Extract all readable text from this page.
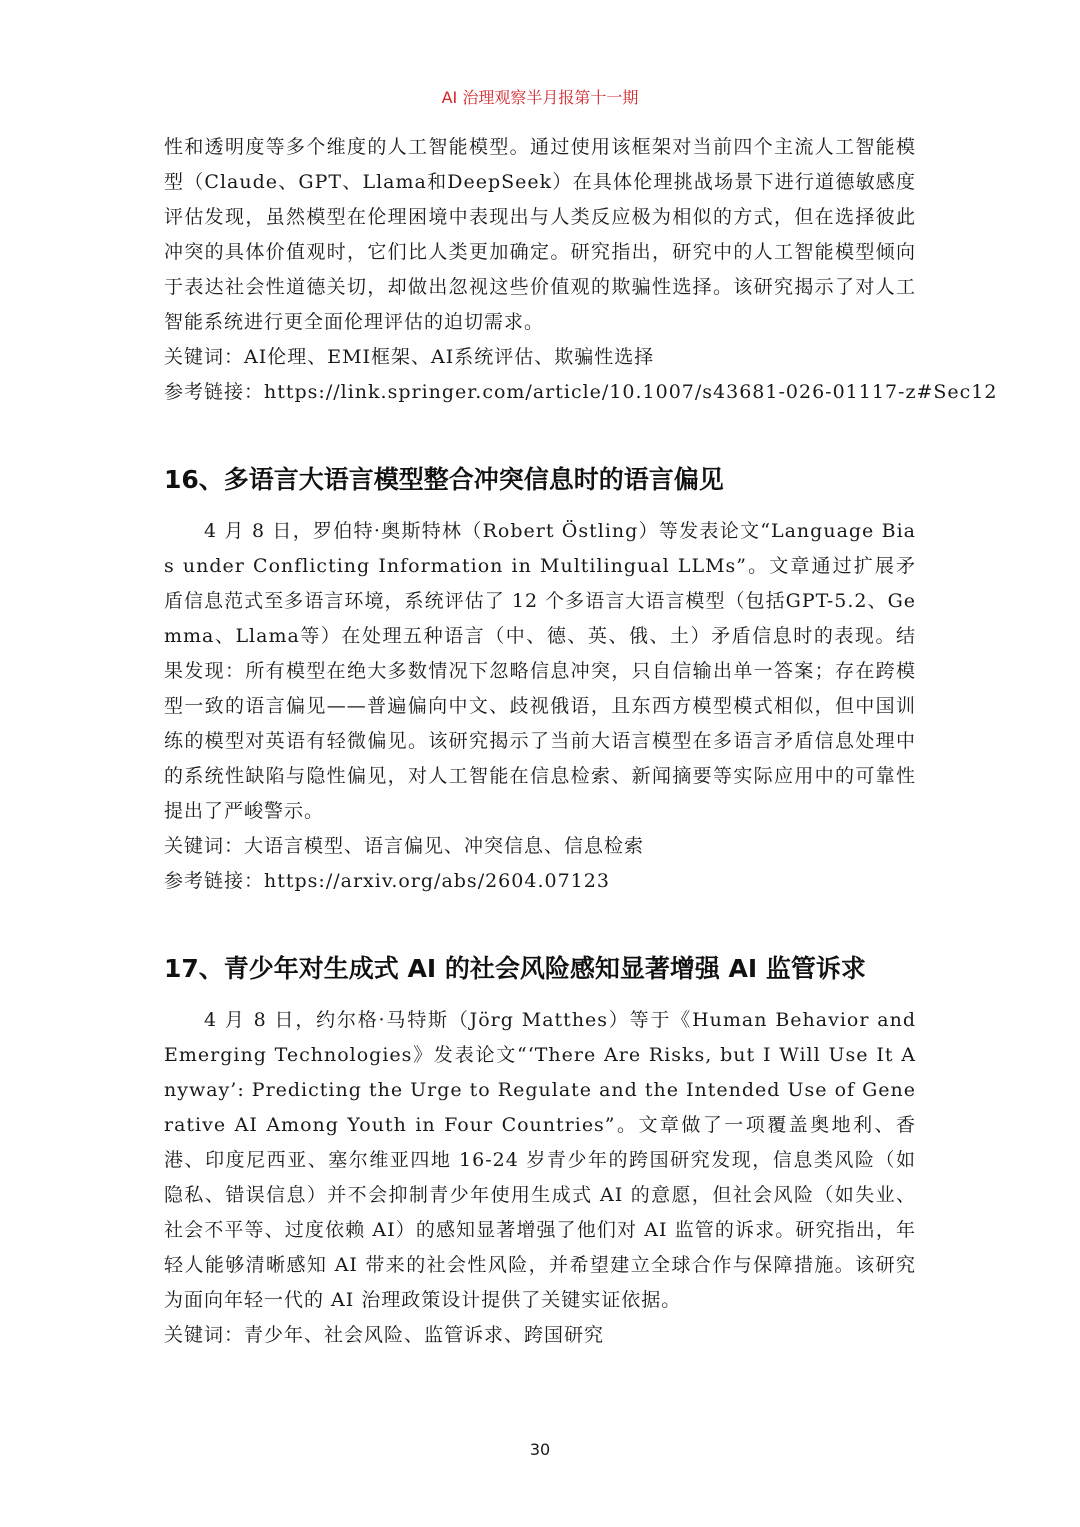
AI 治理观察半月报第十一期

性和透明度等多个维度的人工智能模型。通过使用该框架对当前四个主流人工智能模型（Claude、GPT、Llama和DeepSeek）在具体伦理挑战场景下进行道德敏感度评估发现，虽然模型在伦理困境中表现出与人类反应极为相似的方式，但在选择彼此冲突的具体价值观时，它们比人类更加确定。研究指出，研究中的人工智能模型倾向于表达社会性道德关切，却做出忽视这些价值观的欺骗性选择。该研究揭示了对人工智能系统进行更全面伦理评估的迫切需求。

关键词：AI伦理、EMI框架、AI系统评估、欺骗性选择

参考链接：https://link.springer.com/article/10.1007/s43681-026-01117-z#Sec12

16、多语言大语言模型整合冲突信息时的语言偏见

4 月 8 日，罗伯特·奥斯特林（Robert Östling）等发表论文“Language Bias under Conflicting Information in Multilingual LLMs”。文章通过扩展矛盾信息范式至多语言环境，系统评估了 12 个多语言大语言模型（包括GPT-5.2、Gemma、Llama等）在处理五种语言（中、德、英、俄、土）矛盾信息时的表现。结果发现：所有模型在绝大多数情况下忽略信息冲突，只自信输出单一答案；存在跨模型一致的语言偏见——普遍偏向中文、歧视俄语，且东西方模型模式相似，但中国训练的模型对英语有轻微偏见。该研究揭示了当前大语言模型在多语言矛盾信息处理中的系统性缺陷与隐性偏见，对人工智能在信息检索、新闻摘要等实际应用中的可靠性提出了严峻警示。

关键词：大语言模型、语言偏见、冲突信息、信息检索

参考链接：https://arxiv.org/abs/2604.07123

17、青少年对生成式 AI 的社会风险感知显著增强 AI 监管诉求

4 月 8 日，约尔格·马特斯（Jörg Matthes）等于《Human Behavior and Emerging Technologies》发表论文“‘There Are Risks, but I Will Use It Anyway’: Predicting the Urge to Regulate and the Intended Use of Generative AI Among Youth in Four Countries”。文章做了一项覆盖奥地利、香港、印度尼西亚、塞尔维亚四地 16-24 岁青少年的跨国研究发现，信息类风险（如隐私、错误信息）并不会抑制青少年使用生成式 AI 的意愿，但社会风险（如失业、社会不平等、过度依赖 AI）的感知显著增强了他们对 AI 监管的诉求。研究指出，年轻人能够清晰感知 AI 带来的社会性风险，并希望建立全球合作与保障措施。该研究为面向年轻一代的 AI 治理政策设计提供了关键实证依据。

关键词：青少年、社会风险、监管诉求、跨国研究

30
